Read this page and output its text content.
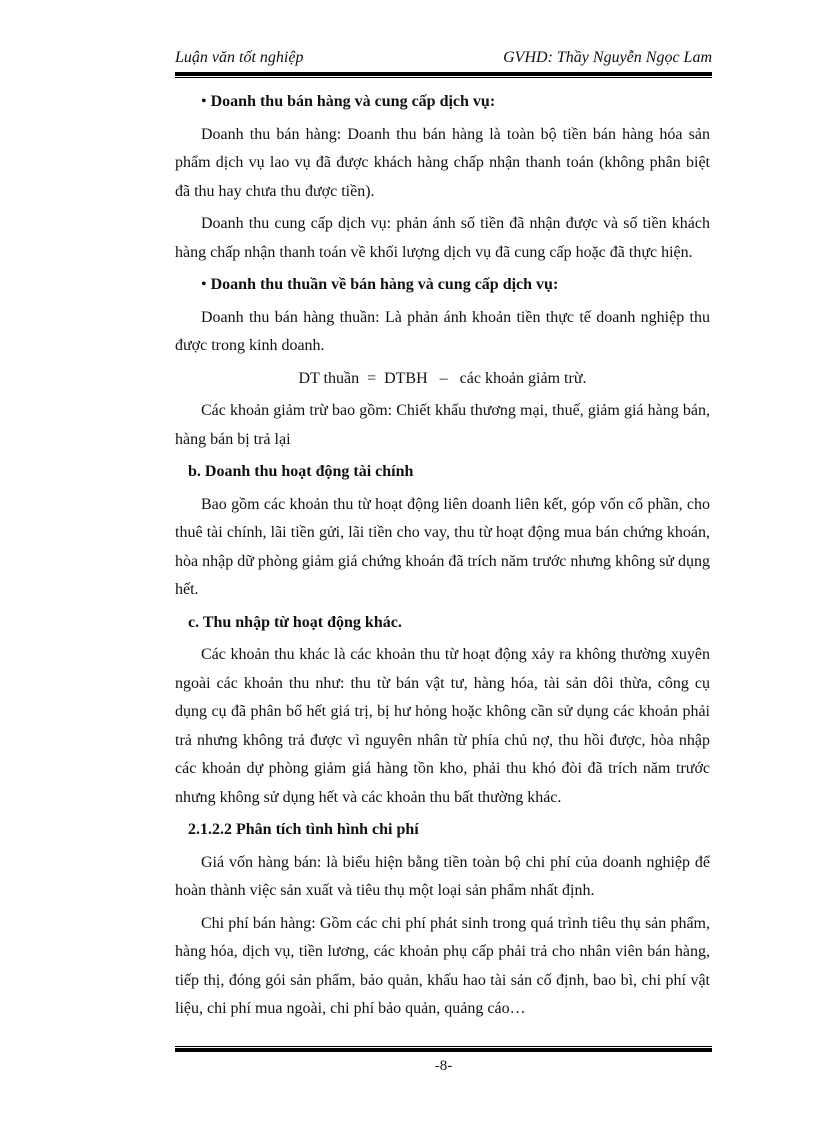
Luận văn tốt nghiệp	GVHD: Thầy Nguyễn Ngọc Lam

• Doanh thu bán hàng và cung cấp dịch vụ:

Doanh thu bán hàng: Doanh thu bán hàng là toàn bộ tiền bán hàng hóa sản phẩm dịch vụ lao vụ đã được khách hàng chấp nhận thanh toán (không phân biệt đã thu hay chưa thu được tiền).

Doanh thu cung cấp dịch vụ: phản ánh số tiền đã nhận được và số tiền khách hàng chấp nhận thanh toán về khối lượng dịch vụ đã cung cấp hoặc đã thực hiện.

• Doanh thu thuần về bán hàng và cung cấp dịch vụ:

Doanh thu bán hàng thuần: Là phản ánh khoản tiền thực tế doanh nghiệp thu được trong kinh doanh.

DT thuần  =  DTBH   –   các khoản giảm trừ.

Các khoản giảm trừ bao gồm: Chiết khấu thương mại, thuế, giảm giá hàng bán, hàng bán bị trả lại

b. Doanh thu hoạt động tài chính

Bao gồm các khoản thu từ hoạt động liên doanh liên kết, góp vốn cổ phần, cho thuê tài chính, lãi tiền gửi, lãi tiền cho vay, thu từ hoạt động mua bán chứng khoán, hòa nhập dữ phòng giảm giá chứng khoán đã trích năm trước nhưng không sử dụng hết.

c. Thu nhập từ hoạt động khác.

Các khoản thu khác là các khoản thu từ hoạt động xảy ra không thường xuyên ngoài các khoản thu như: thu từ bán vật tư, hàng hóa, tài sản dôi thừa, công cụ dụng cụ đã phân bổ hết giá trị, bị hư hỏng hoặc không cần sử dụng các khoản phải trả nhưng không trả được vì nguyên nhân từ phía chủ nợ, thu hồi được, hòa nhập các khoản dự phòng giảm giá hàng tồn kho, phải thu khó đòi đã trích năm trước nhưng không sử dụng hết và các khoản thu bất thường khác.

2.1.2.2 Phân tích tình hình chi phí

Giá vốn hàng bán: là biểu hiện bằng tiền toàn bộ chi phí của doanh nghiệp để hoàn thành việc sản xuất và tiêu thụ một loại sản phẩm nhất định.

Chi phí bán hàng: Gồm các chi phí phát sinh trong quá trình tiêu thụ sản phẩm, hàng hóa, dịch vụ, tiền lương, các khoản phụ cấp phải trả cho nhân viên bán hàng, tiếp thị, đóng gói sản phẩm, bảo quản, khấu hao tài sản cố định, bao bì, chi phí vật liệu, chi phí mua ngoài, chi phí bảo quản, quảng cáo…

-8-
